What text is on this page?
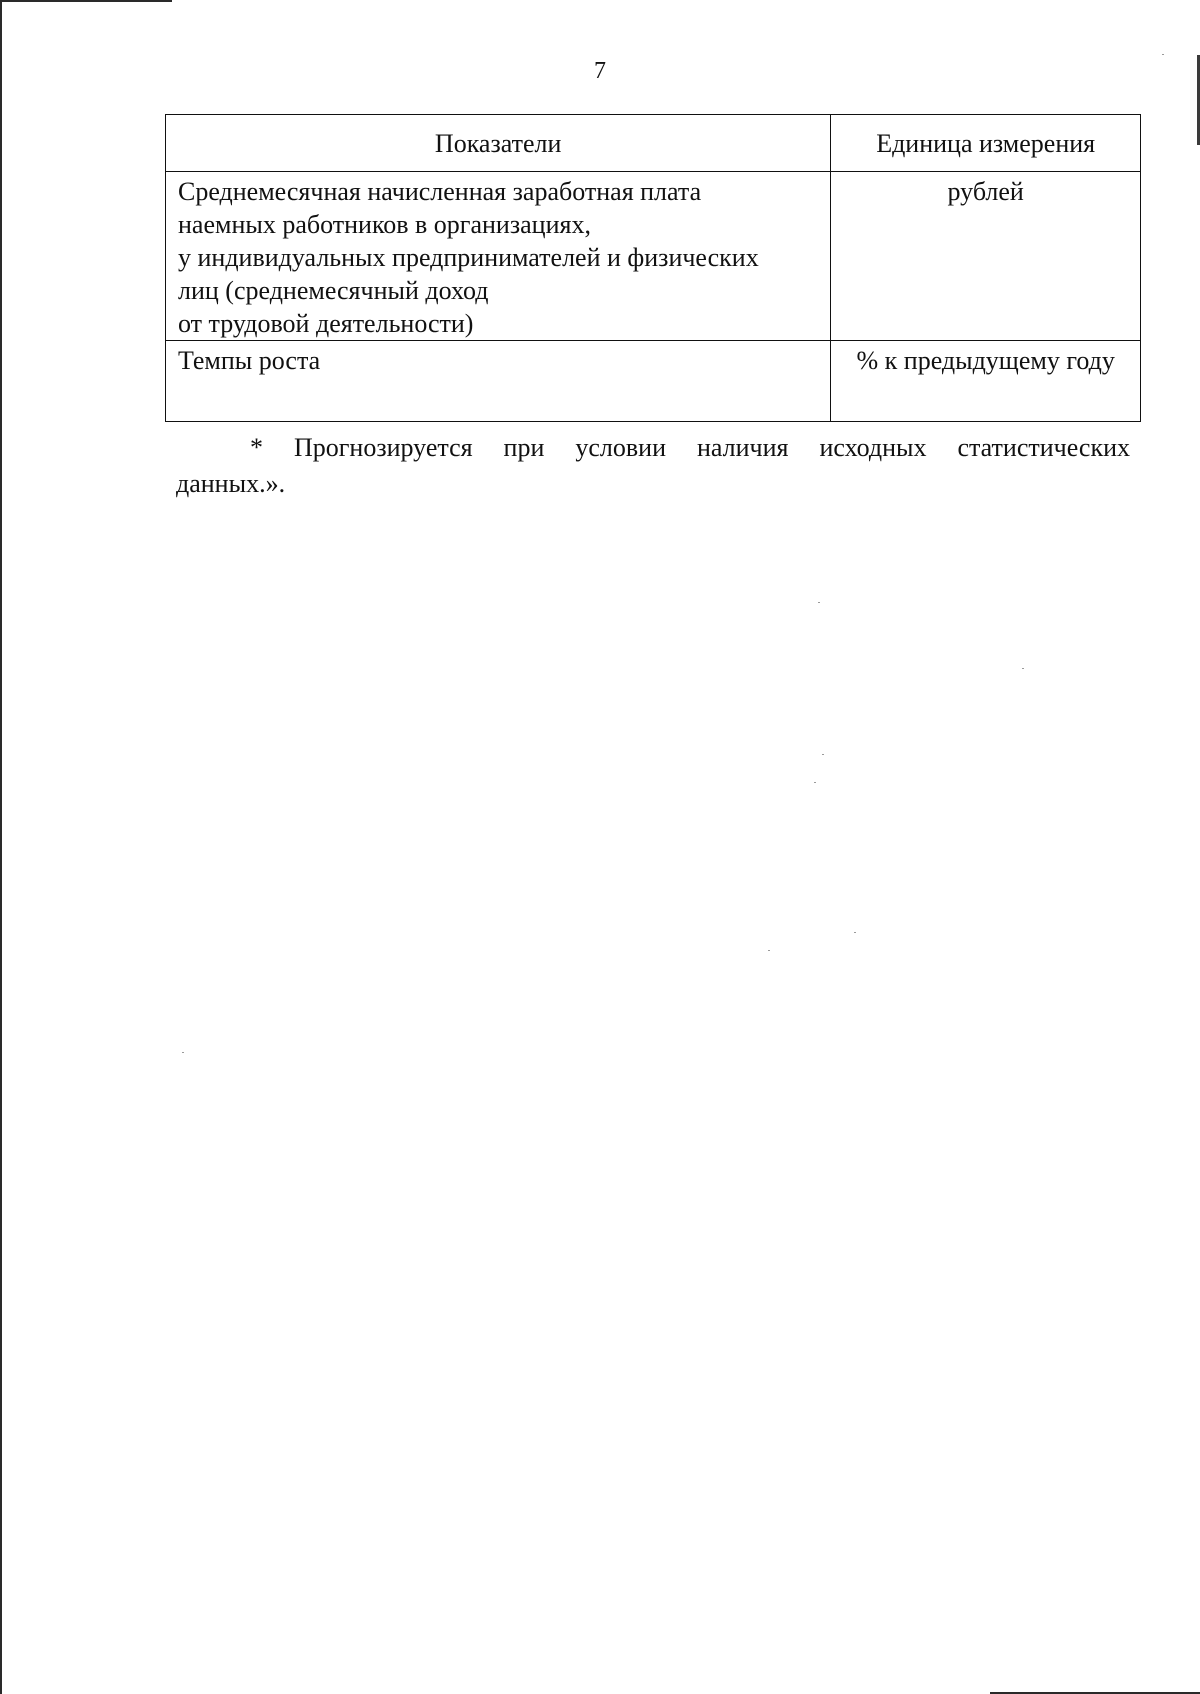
7
Показатели	Единица измерения

Среднемесячная начисленная заработная плата
наемных работников в организациях,
у индивидуальных предпринимателей и физических
лиц (среднемесячный доход
от трудовой деятельности)	рублей

Темпы роста	% к предыдущему году
* Прогнозируется при условии наличия исходных статистических
данных.».
